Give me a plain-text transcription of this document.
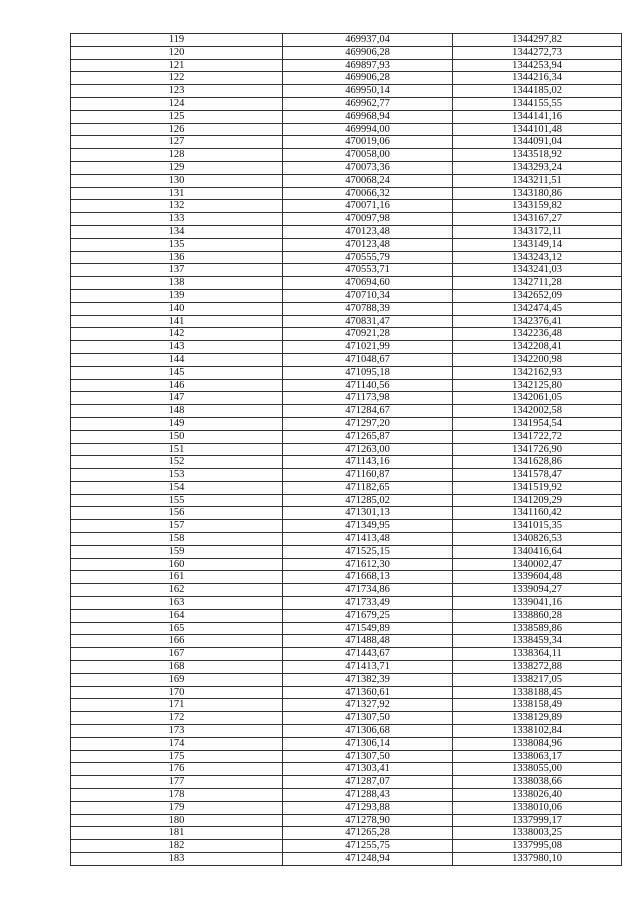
119	469937,04	1344297,82
120	469906,28	1344272,73
121	469897,93	1344253,94
122	469906,28	1344216,34
123	469950,14	1344185,02
124	469962,77	1344155,55
125	469968,94	1344141,16
126	469994,00	1344101,48
127	470019,06	1344091,04
128	470058,00	1343518,92
129	470073,36	1343293,24
130	470068,24	1343211,51
131	470066,32	1343180,86
132	470071,16	1343159,82
133	470097,98	1343167,27
134	470123,48	1343172,11
135	470123,48	1343149,14
136	470555,79	1343243,12
137	470553,71	1343241,03
138	470694,60	1342711,28
139	470710,34	1342652,09
140	470788,39	1342474,45
141	470831,47	1342376,41
142	470921,28	1342236,48
143	471021,99	1342208,41
144	471048,67	1342200,98
145	471095,18	1342162,93
146	471140,56	1342125,80
147	471173,98	1342061,05
148	471284,67	1342002,58
149	471297,20	1341954,54
150	471265,87	1341722,72
151	471263,00	1341726,90
152	471143,16	1341628,86
153	471160,87	1341578,47
154	471182,65	1341519,92
155	471285,02	1341209,29
156	471301,13	1341160,42
157	471349,95	1341015,35
158	471413,48	1340826,53
159	471525,15	1340416,64
160	471612,30	1340002,47
161	471668,13	1339604,48
162	471734,86	1339094,27
163	471733,49	1339041,16
164	471679,25	1338860,28
165	471549,89	1338589,86
166	471488,48	1338459,34
167	471443,67	1338364,11
168	471413,71	1338272,88
169	471382,39	1338217,05
170	471360,61	1338188,45
171	471327,92	1338158,49
172	471307,50	1338129,89
173	471306,68	1338102,84
174	471306,14	1338084,96
175	471307,50	1338063,17
176	471303,41	1338055,00
177	471287,07	1338038,66
178	471288,43	1338026,40
179	471293,88	1338010,06
180	471278,90	1337999,17
181	471265,28	1338003,25
182	471255,75	1337995,08
183	471248,94	1337980,10
